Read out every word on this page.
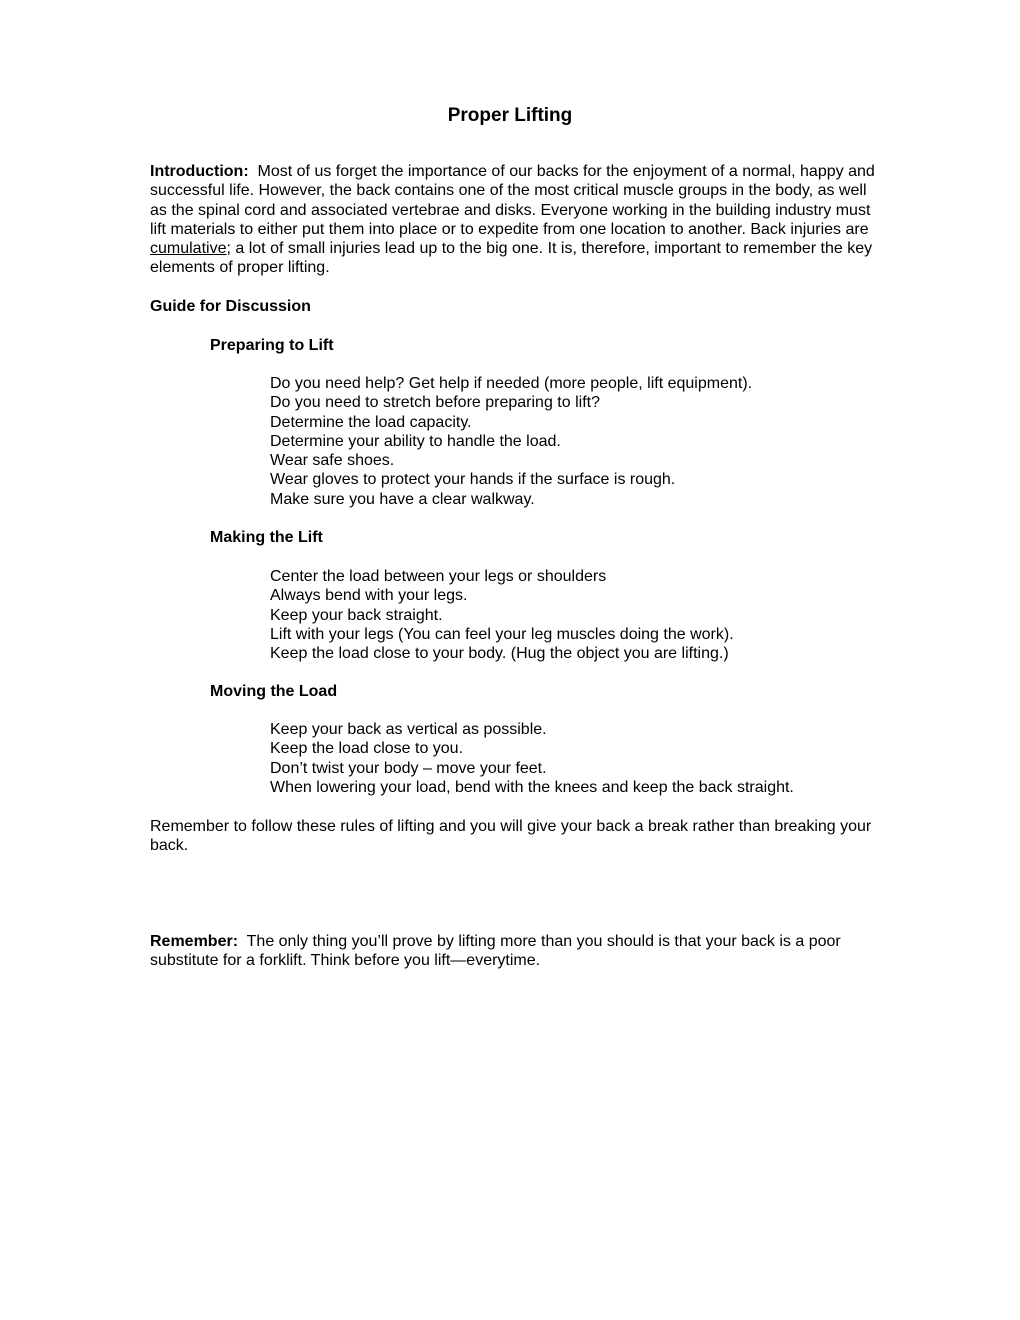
Proper Lifting
Introduction: Most of us forget the importance of our backs for the enjoyment of a normal, happy and successful life. However, the back contains one of the most critical muscle groups in the body, as well as the spinal cord and associated vertebrae and disks. Everyone working in the building industry must lift materials to either put them into place or to expedite from one location to another. Back injuries are cumulative; a lot of small injuries lead up to the big one. It is, therefore, important to remember the key elements of proper lifting.
Guide for Discussion
Preparing to Lift
Do you need help? Get help if needed (more people, lift equipment).
Do you need to stretch before preparing to lift?
Determine the load capacity.
Determine your ability to handle the load.
Wear safe shoes.
Wear gloves to protect your hands if the surface is rough.
Make sure you have a clear walkway.
Making the Lift
Center the load between your legs or shoulders
Always bend with your legs.
Keep your back straight.
Lift with your legs (You can feel your leg muscles doing the work).
Keep the load close to your body. (Hug the object you are lifting.)
Moving the Load
Keep your back as vertical as possible.
Keep the load close to you.
Don’t twist your body – move your feet.
When lowering your load, bend with the knees and keep the back straight.
Remember to follow these rules of lifting and you will give your back a break rather than breaking your back.
Remember: The only thing you’ll prove by lifting more than you should is that your back is a poor substitute for a forklift. Think before you lift—everytime.
